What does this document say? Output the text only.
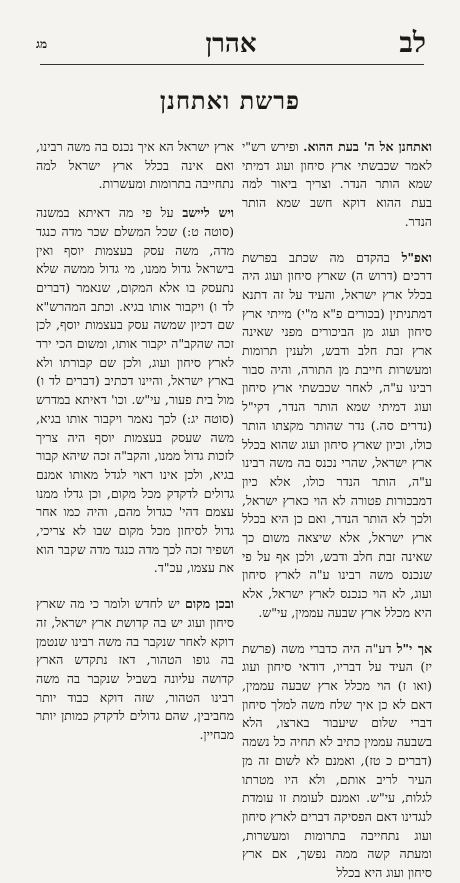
לב
אהרן
מג
פרשת ואתחנן

ואתחנן אל ה' בעת ההוא. ופירש רש"י לאמר שכבשתי ארץ סיחון ועוג דמיתי שמא הותר הנדר. וצריך ביאור למה בעת ההוא דוקא חשב שמא הותר הנדר.

ואפ"ל בהקדם מה שכתב בפרשת דרכים (דרוש ה) שארץ סיחון ועוג היה בכלל ארץ ישראל, והעיד על זה דתנא דמתניתין (בכורים פ"א מ"י) מייתי ארץ סיחון ועוג מן הביכורים מפני שאינה ארץ זבת חלב ודבש, ולענין תרומות ומעשרות חייבת מן התורה, והיה סבור רבינו ע"ה, לאחר שכבשתי ארץ סיחון ועוג דמיתי שמא הותר הנדר, דקי"ל (נדרים סה.) נדר שהותר מקצתו הותר כולו, וכיון שארץ סיחון ועוג שהוא בכלל ארץ ישראל, שהרי נכנס בה משה רבינו ע"ה, הותר הנדר כולו, אלא כיון דמבכורות פטורה לא הוי כארץ ישראל, ולכך לא הותר הנדר, ואם כן היא בכלל ארץ ישראל, אלא שיצאה משום כך שאינה זבת חלב ודבש, ולכן אף על פי שנכנס משה רבינו ע"ה לארץ סיחון ועוג, לא הוי כנכנס לארץ ישראל, אלא היא מכלל ארץ שבעה עממין, עי"ש.

אך י"ל דע"ה היה כדברי משה (פרשת יז) העיד על דבריו, דודאי סיחון ועוג (ואו ז) הוי מכלל ארץ שבעה עממין, דאם לא כן איך שלח משה למלך סיחון דברי שלום שיעבור בארצו, הלא בשבעה עממין כתיב לא תחיה כל נשמה (דברים כ טז), ואמנם לא לשום זה מן העיר לריב אותם, ולא היו מטרתו לגלות, עי"ש. ואמנם לעומת זו עומדת לנגדינו דאם הפסיקה דברים לארץ סיחון ועוג נתחייבה בתרומות ומעשרות, ומעתה קשה ממה נפשך, אם ארץ סיחון ועוג היא בכלל

ארץ ישראל הא איך נכנס בה משה רבינו, ואם אינה בכלל ארץ ישראל למה נתחייבה בתרומות ומעשרות.

ויש ליישב על פי מה דאיתא במשנה (סוטה ט:) שכל המשלם שכר מדה כנגד מדה, משה עסק בעצמות יוסף ואין בישראל גדול ממנו, מי גדול ממשה שלא נתעסק בו אלא המקום, שנאמר (דברים לד ו) ויקבור אותו בגיא. וכתב המהרש"א שם דכיון שמשה עסק בעצמות יוסף, לכן זכה שהקב"ה יקבור אותו, ומשום הכי ירד לארץ סיחון ועוג, ולכן שם קבורתו ולא בארץ ישראל, והיינו דכתיב (דברים לד ו) מול בית פעור, עי"ש. וכו' דאיתא במדרש (סוטה יג:) לכך נאמר ויקבור אותו בגיא, משה שעסק בעצמות יוסף היה צריך לזכות גדול ממנו, והקב"ה זכה שיהא קבור בגיא, ולכן אינו ראוי לגדל מאותו אמנם גדולים לדקדק מכל מקום, וכן גדלו ממנו עצמם דהי' כגדול מהם, והיה כמו אחר גדול לסיחון מכל מקום שבו לא צריכי, ושפיר זכה לכך מדה כנגד מדה שקבר הוא את עצמו, עכ"ד.

ובכן מקום יש לחדש ולומר כי מה שארץ סיחון ועוג יש בה קדושת ארץ ישראל, זה דוקא לאחר שנקבר בה משה רבינו שנטמן בה גופו הטהור, דאז נתקדש הארץ קדושה עליונה בשביל שנקבר בה משה רבינו הטהור, שזה דוקא כבוד יותר מחביבין, שהם גדולים לדקדק כמותן יותר מבחיין.
